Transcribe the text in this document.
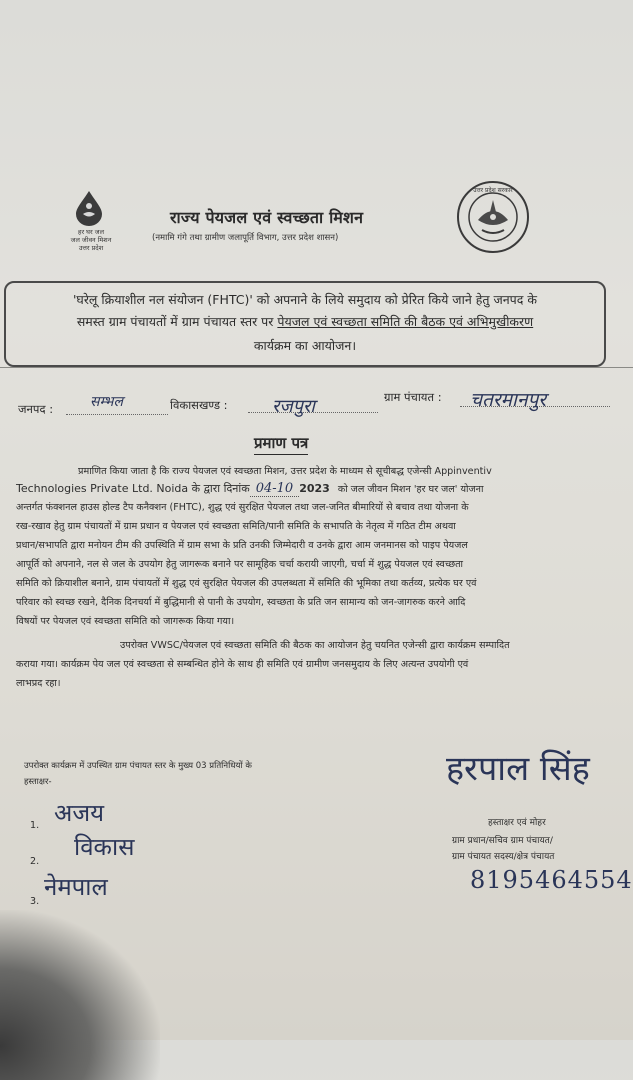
हर घर जल
जल जीवन मिशन
उत्तर प्रदेश
राज्य पेयजल एवं स्वच्छता मिशन
(नमामि गंगे तथा ग्रामीण जलापूर्ति विभाग, उत्तर प्रदेश शासन)
उत्तर प्रदेश सरकार
'घरेलू क्रियाशील नल संयोजन (FHTC)' को अपनाने के लिये समुदाय को प्रेरित किये जाने हेतु जनपद के
समस्त ग्राम पंचायतों में ग्राम पंचायत स्तर पर पेयजल एवं स्वच्छता समिति की बैठक एवं अभिमुखीकरण
कार्यक्रम का आयोजन।
जनपद :	सम्भल	विकासखण्ड : रजपुरा	ग्राम पंचायत : चतरमानपुर
प्रमाण पत्र
प्रमाणित किया जाता है कि राज्य पेयजल एवं स्वच्छता मिशन, उत्तर प्रदेश के माध्यम से सूचीबद्ध एजेन्सी Appinventiv
Technologies Private Ltd. Noida के द्वारा दिनांक 04-10 2023 को जल जीवन मिशन 'हर घर जल' योजना
अन्तर्गत फंक्शनल हाउस होल्ड टैप कनैक्शन (FHTC), शुद्ध एवं सुरक्षित पेयजल तथा जल-जनित बीमारियों से बचाव तथा योजना के
रख-रखाव हेतु ग्राम पंचायतों में ग्राम प्रधान व पेयजल एवं स्वच्छता समिति/पानी समिति के सभापति के नेतृत्व में गठित टीम अथवा
प्रधान/सभापति द्वारा मनोयन टीम की उपस्थिति में ग्राम सभा के प्रति उनकी जिम्मेदारी व उनके द्वारा आम जनमानस को पाइप पेयजल
आपूर्ति को अपनाने, नल से जल के उपयोग हेतु जागरूक बनाने पर सामूहिक चर्चा करायी जाएगी, चर्चा में शुद्ध पेयजल एवं स्वच्छता
समिति को क्रियाशील बनाने, ग्राम पंचायतों में शुद्ध एवं सुरक्षित पेयजल की उपलब्धता में समिति की भूमिका तथा कर्तव्य, प्रत्येक घर एवं
परिवार को स्वच्छ रखने, दैनिक दिनचर्या में बुद्धिमानी से पानी के उपयोग, स्वच्छता के प्रति जन सामान्य को जन-जागरुक करने आदि
विषयों पर पेयजल एवं स्वच्छता समिति को जागरूक किया गया।
उपरोक्त VWSC/पेयजल एवं स्वच्छता समिति की बैठक का आयोजन हेतु चयनित एजेन्सी द्वारा कार्यक्रम सम्पादित
कराया गया। कार्यक्रम पेय जल एवं स्वच्छता से सम्बन्धित होने के साथ ही समिति एवं ग्रामीण जनसमुदाय के लिए अत्यन्त उपयोगी एवं
लाभप्रद रहा।
उपरोक्त कार्यक्रम में उपस्थित ग्राम पंचायत स्तर के मुख्य 03 प्रतिनिधियों के
हस्ताक्षर-
1. अजय
2.
विकास
3.
नेमपाल
हरपाल सिंह
हस्ताक्षर एवं मोहर
ग्राम प्रधान/सचिव ग्राम पंचायत/
ग्राम पंचायत सदस्य/क्षेत्र पंचायत
8195464554
